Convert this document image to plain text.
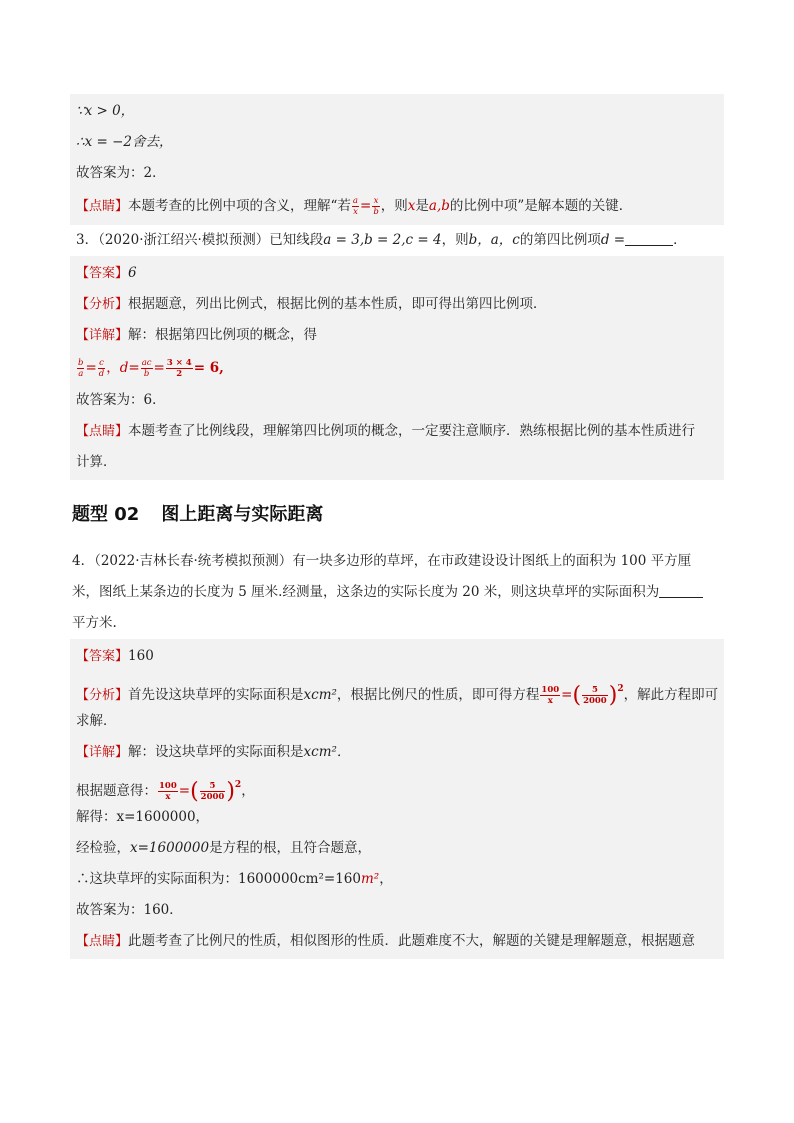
∵x > 0，
∴x = −2舍去，
故答案为：2．
【点睛】本题考查的比例中项的含义，理解“若 $\frac{a}{x} = \frac{x}{b}$ ，则x是a,b的比例中项”是解本题的关键．
3．（2020·浙江绍兴·模拟预测）已知线段a = 3,b = 2,c = 4，则b，a，c的第四比例项d =	．
【答案】6
【分析】根据题意，列出比例式，根据比例的基本性质，即可得出第四比例项．
【详解】解：根据第四比例项的概念，得
$\frac{b}{a} = \frac{c}{d}$ ，$d= \frac{ac}{b} = \frac{3 \times 4}{2} = 6$,
故答案为：6．
【点睛】本题考查了比例线段，理解第四比例项的概念，一定要注意顺序．熟练根据比例的基本性质进行
计算．
题型 02 图上距离与实际距离
4．（2022·吉林长春·统考模拟预测）有一块多边形的草坪，在市政建设设计图纸上的面积为 100 平方厘
米，图纸上某条边的长度为 5 厘米.经测量，这条边的实际长度为 20 米，则这块草坪的实际面积为
平方米.
【答案】160
【分析】首先设这块草坪的实际面积是xcm²，根据比例尺的性质，即可得方程 $\frac{100}{x}$ =( $\frac{5}{2000} )^2$，解此方程即可
求解．
【详解】解：设这块草坪的实际面积是xcm²．
根据题意得： $\frac{100}{x}$ =( $\frac{5}{2000} )^2$，
解得：x=1600000，
经检验，x=1600000是方程的根，且符合题意，
∴这块草坪的实际面积为：1600000cm²=160m²，
故答案为：160．
【点睛】此题考查了比例尺的性质，相似图形的性质．此题难度不大，解题的关键是理解题意，根据题意
